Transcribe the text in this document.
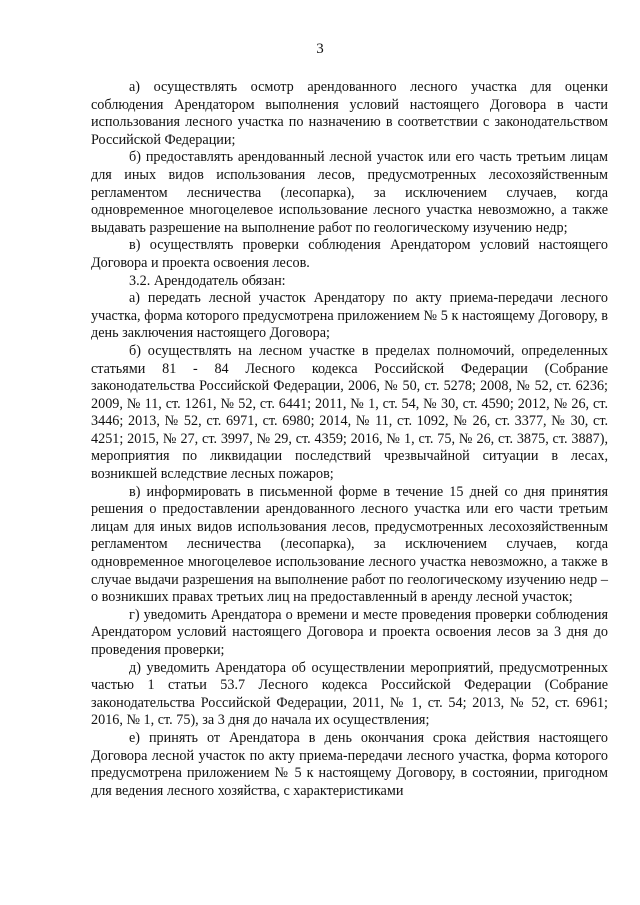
3

а) осуществлять осмотр арендованного лесного участка для оценки соблюдения Арендатором выполнения условий настоящего Договора в части использования лесного участка по назначению в соответствии с законодательством Российской Федерации;

б) предоставлять арендованный лесной участок или его часть третьим лицам для иных видов использования лесов, предусмотренных лесохозяйственным регламентом лесничества (лесопарка), за исключением случаев, когда одновременное многоцелевое использование лесного участка невозможно, а также выдавать разрешение на выполнение работ по геологическому изучению недр;

в) осуществлять проверки соблюдения Арендатором условий настоящего Договора и проекта освоения лесов.

3.2. Арендодатель обязан:

а) передать лесной участок Арендатору по акту приема-передачи лесного участка, форма которого предусмотрена приложением № 5 к настоящему Договору, в день заключения настоящего Договора;

б) осуществлять на лесном участке в пределах полномочий, определенных статьями 81 - 84 Лесного кодекса Российской Федерации (Собрание законодательства Российской Федерации, 2006, № 50, ст. 5278; 2008, № 52, ст. 6236; 2009, № 11, ст. 1261, № 52, ст. 6441; 2011, № 1, ст. 54, № 30, ст. 4590; 2012, № 26, ст. 3446; 2013, № 52, ст. 6971, ст. 6980; 2014, № 11, ст. 1092, № 26, ст. 3377, № 30, ст. 4251; 2015, № 27, ст. 3997, № 29, ст. 4359; 2016, № 1, ст. 75, № 26, ст. 3875, ст. 3887), мероприятия по ликвидации последствий чрезвычайной ситуации в лесах, возникшей вследствие лесных пожаров;

в) информировать в письменной форме в течение 15 дней со дня принятия решения о предоставлении арендованного лесного участка или его части третьим лицам для иных видов использования лесов, предусмотренных лесохозяйственным регламентом лесничества (лесопарка), за исключением случаев, когда одновременное многоцелевое использование лесного участка невозможно, а также в случае выдачи разрешения на выполнение работ по геологическому изучению недр – о возникших правах третьих лиц на предоставленный в аренду лесной участок;

г) уведомить Арендатора о времени и месте проведения проверки соблюдения Арендатором условий настоящего Договора и проекта освоения лесов за 3 дня до проведения проверки;

д) уведомить Арендатора об осуществлении мероприятий, предусмотренных частью 1 статьи 53.7 Лесного кодекса Российской Федерации (Собрание законодательства Российской Федерации, 2011, № 1, ст. 54; 2013, № 52, ст. 6961; 2016, № 1, ст. 75), за 3 дня до начала их осуществления;

е) принять от Арендатора в день окончания срока действия настоящего Договора лесной участок по акту приема-передачи лесного участка, форма которого предусмотрена приложением № 5 к настоящему Договору, в состоянии, пригодном для ведения лесного хозяйства, с характеристиками
